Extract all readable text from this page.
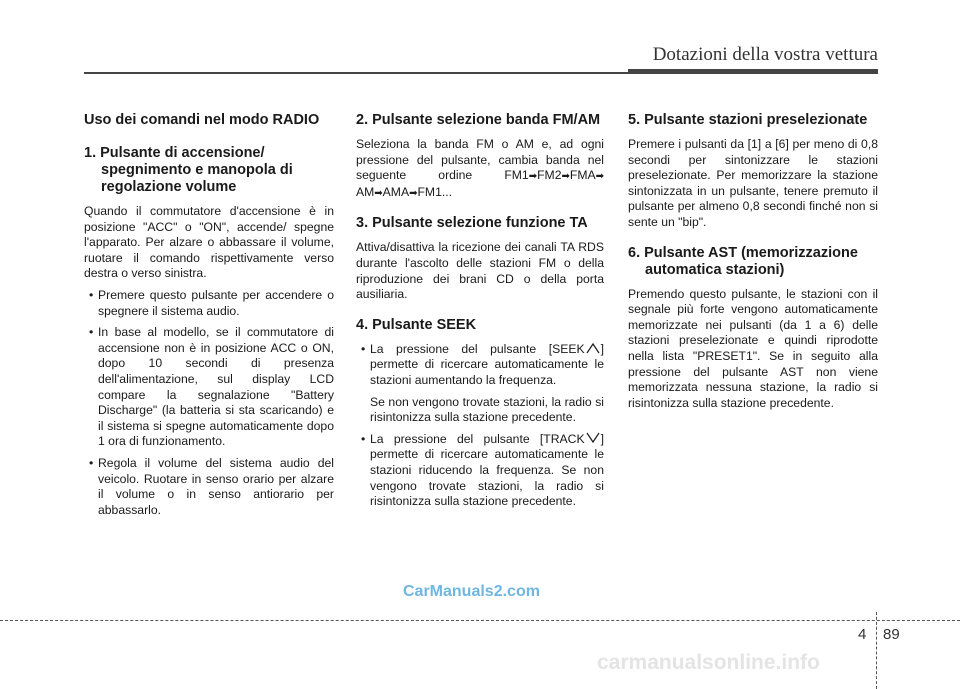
Dotazioni della vostra vettura
Uso dei comandi nel modo RADIO
1. Pulsante di accensione/ spegnimento e manopola di regolazione volume

Quando il commutatore d'accensione è in posizione "ACC" o "ON", accende/ spegne l'apparato. Per alzare o abbassare il volume, ruotare il comando rispettivamente verso destra o verso sinistra.

• Premere questo pulsante per accendere o spegnere il sistema audio.
• In base al modello, se il commutatore di accensione non è in posizione ACC o ON, dopo 10 secondi di presenza dell'alimentazione, sul display LCD compare la segnalazione "Battery Discharge" (la batteria si sta scaricando) e il sistema si spegne automaticamente dopo 1 ora di funzionamento.
• Regola il volume del sistema audio del veicolo. Ruotare in senso orario per alzare il volume o in senso antiorario per abbassarlo.
2. Pulsante selezione banda FM/AM

Seleziona la banda FM o AM e, ad ogni pressione del pulsante, cambia banda nel seguente ordine FM1➡FM2➡FMA➡ AM➡AMA➡FM1...

3. Pulsante selezione funzione TA

Attiva/disattiva la ricezione dei canali TA RDS durante l'ascolto delle stazioni FM o della riproduzione dei brani CD o della porta ausiliaria.

4. Pulsante SEEK
• La pressione del pulsante [SEEK ] permette di ricercare automaticamente le stazioni aumentando la frequenza.
Se non vengono trovate stazioni, la radio si risintonizza sulla stazione precedente.
• La pressione del pulsante [TRACK ] permette di ricercare automaticamente le stazioni riducendo la frequenza. Se non vengono trovate stazioni, la radio si risintonizza sulla stazione precedente.
5. Pulsante stazioni preselezionate

Premere i pulsanti da [1] a [6] per meno di 0,8 secondi per sintonizzare le stazioni preselezionate. Per memorizzare la stazione sintonizzata in un pulsante, tenere premuto il pulsante per almeno 0,8 secondi finché non si sente un "bip".

6. Pulsante AST (memorizzazione automatica stazioni)

Premendo questo pulsante, le stazioni con il segnale più forte vengono automaticamente memorizzate nei pulsanti (da 1 a 6) delle stazioni preselezionate e quindi riprodotte nella lista "PRESET1". Se in seguito alla pressione del pulsante AST non viene memorizzata nessuna stazione, la radio si risintonizza sulla stazione precedente.

CarManuals2.com
4 89
carmanualsonline.info
